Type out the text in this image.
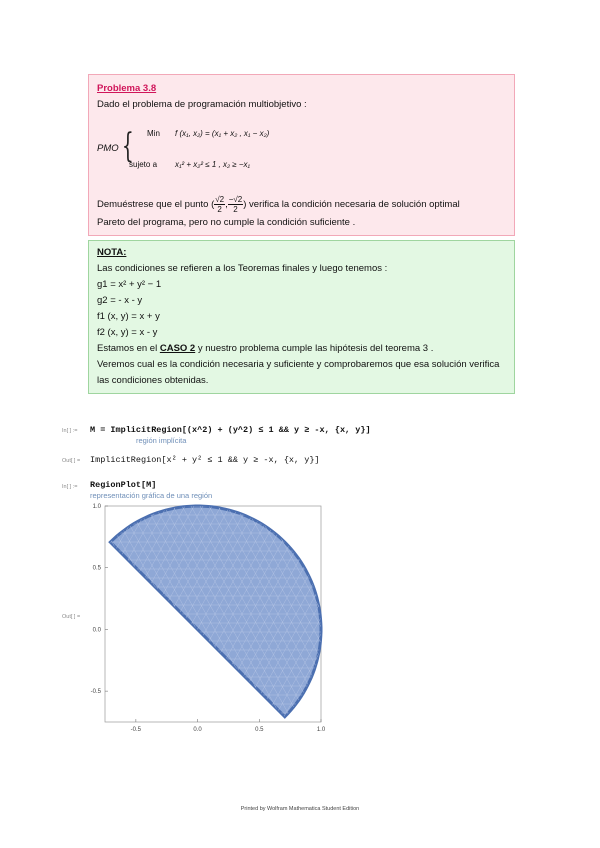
Problema 3.8
Dado el problema de programación multiobjetivo :
PMO { Min f (x₁, x₂) = (x₁ + x₂ , x₁ − x₂)
sujeto a x₁² + x₂² ≤ 1 , x₂ ≥ −x₁
Demuéstrese que el punto ( $\frac{√2}{2}$ , $\frac{-√2}{2}$ ) verifica la condición necesaria de solución optimal
Pareto del programa, pero no cumple la condición suficiente .
NOTA:
Las condiciones se refieren a los Teoremas finales y luego tenemos :
g1 = x² + y² − 1
g2 = - x - y
f1 (x, y) = x + y
f2 (x, y) = x - y
Estamos en el CASO 2 y nuestro problema cumple las hipótesis del teorema 3 .
Veremos cual es la condición necesaria y suficiente y comprobaremos que esa solución verifica
las condiciones obtenidas.
In[ ] := M = ImplicitRegion[(x^2) + (y^2) ≤ 1 && y ≥ -x, {x, y}]
región implícita
Out[ ] = ImplicitRegion[x² + y² ≤ 1 && y ≥ -x, {x, y}]
In[ ] := RegionPlot[M]
representación gráfica de una región
Out[ ] =
-0.5	0.0	0.5	1.0
1.0
0.5
0.0
-0.5
Printed by Wolfram Mathematica Student Edition
